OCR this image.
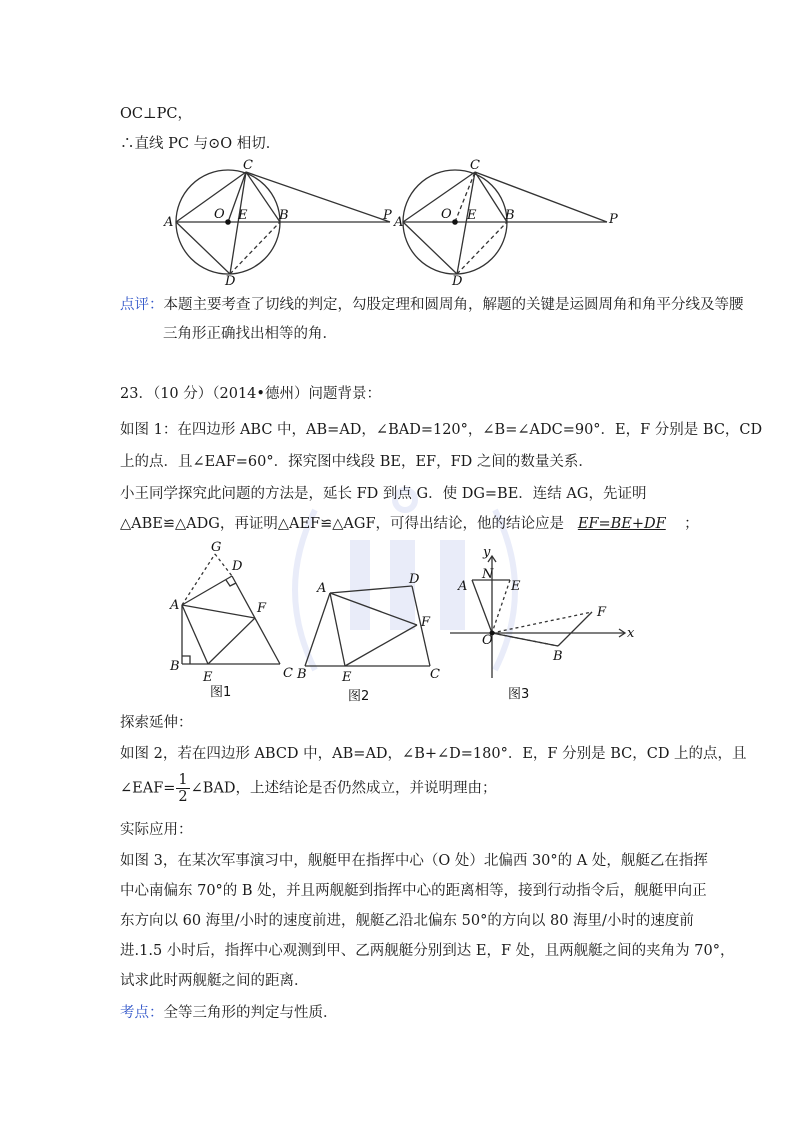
OC⊥PC，
∴直线 PC 与⊙O 相切．
A
O E B	P
C
D
A
O E B	P
C
D
点评：本题主要考查了切线的判定，勾股定理和圆周角，解题的关键是运圆周角和角平分线及等腰
三角形正确找出相等的角．
23．（10 分）（2014•德州）问题背景：
如图 1：在四边形 ABC 中，AB=AD，∠BAD=120°，∠B=∠ADC=90°．E，F 分别是 BC，CD
上的点．且∠EAF=60°．探究图中线段 BE，EF，FD 之间的数量关系．
小王同学探究此问题的方法是，延长 FD 到点 G．使 DG=BE．连结 AG，先证明
△ABE≌△ADG，再证明△AEF≌△AGF，可得出结论，他的结论应是 EF=BE+DF ；
G
D
A	F
B
E	C
图1
A
D
F
B	E	C
图2
y
N
A	E
F
O	x
B
图3
探索延伸：
如图 2，若在四边形 ABCD 中，AB=AD，∠B+∠D=180°．E，F 分别是 BC，CD 上的点，且
∠EAF= $\frac{1}{2}$ ∠BAD，上述结论是否仍然成立，并说明理由；
实际应用：
如图 3，在某次军事演习中，舰艇甲在指挥中心（O 处）北偏西 30°的 A 处，舰艇乙在指挥
中心南偏东 70°的 B 处，并且两舰艇到指挥中心的距离相等，接到行动指令后，舰艇甲向正
东方向以 60 海里/小时的速度前进，舰艇乙沿北偏东 50°的方向以 80 海里/小时的速度前
进.1.5 小时后，指挥中心观测到甲、乙两舰艇分别到达 E，F 处，且两舰艇之间的夹角为 70°，
试求此时两舰艇之间的距离．
考点：全等三角形的判定与性质．
